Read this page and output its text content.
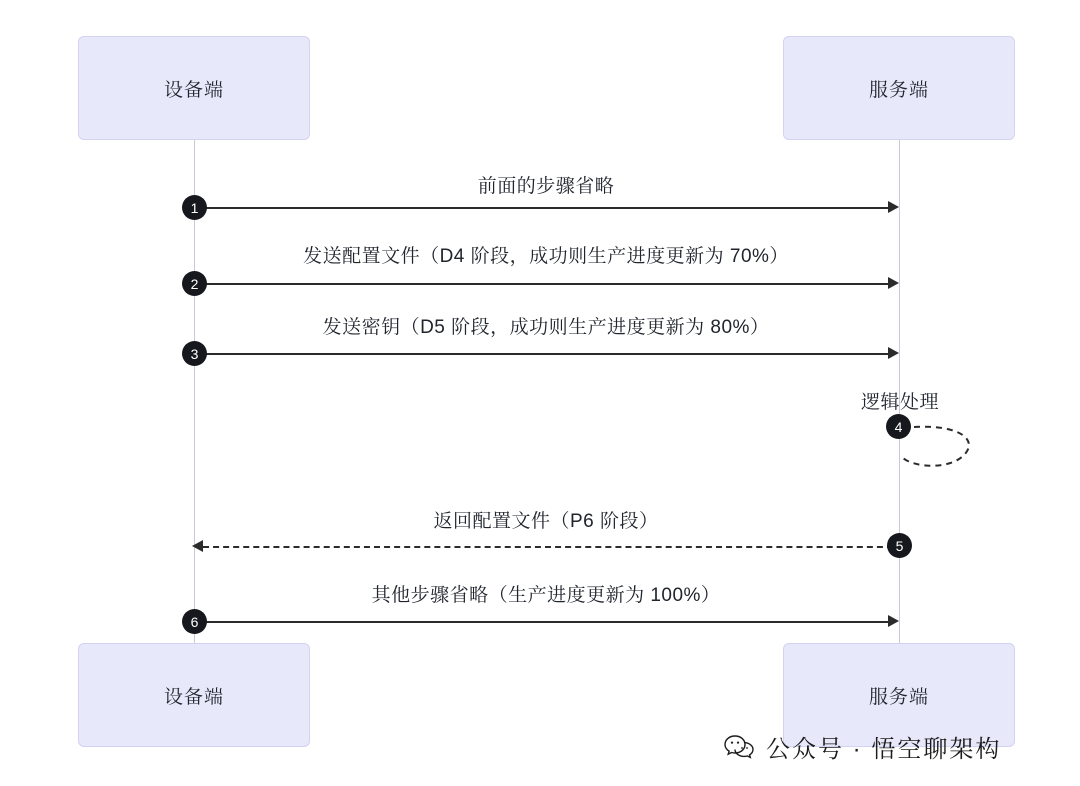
设备端	服务端
前面的步骤省略
1
发送配置文件（D4 阶段，成功则生产进度更新为 70%）
2
发送密钥（D5 阶段，成功则生产进度更新为 80%）
3
逻辑处理
4
返回配置文件（P6 阶段）
5
其他步骤省略（生产进度更新为 100%）
6
设备端	服务端
公众号 · 悟空聊架构
